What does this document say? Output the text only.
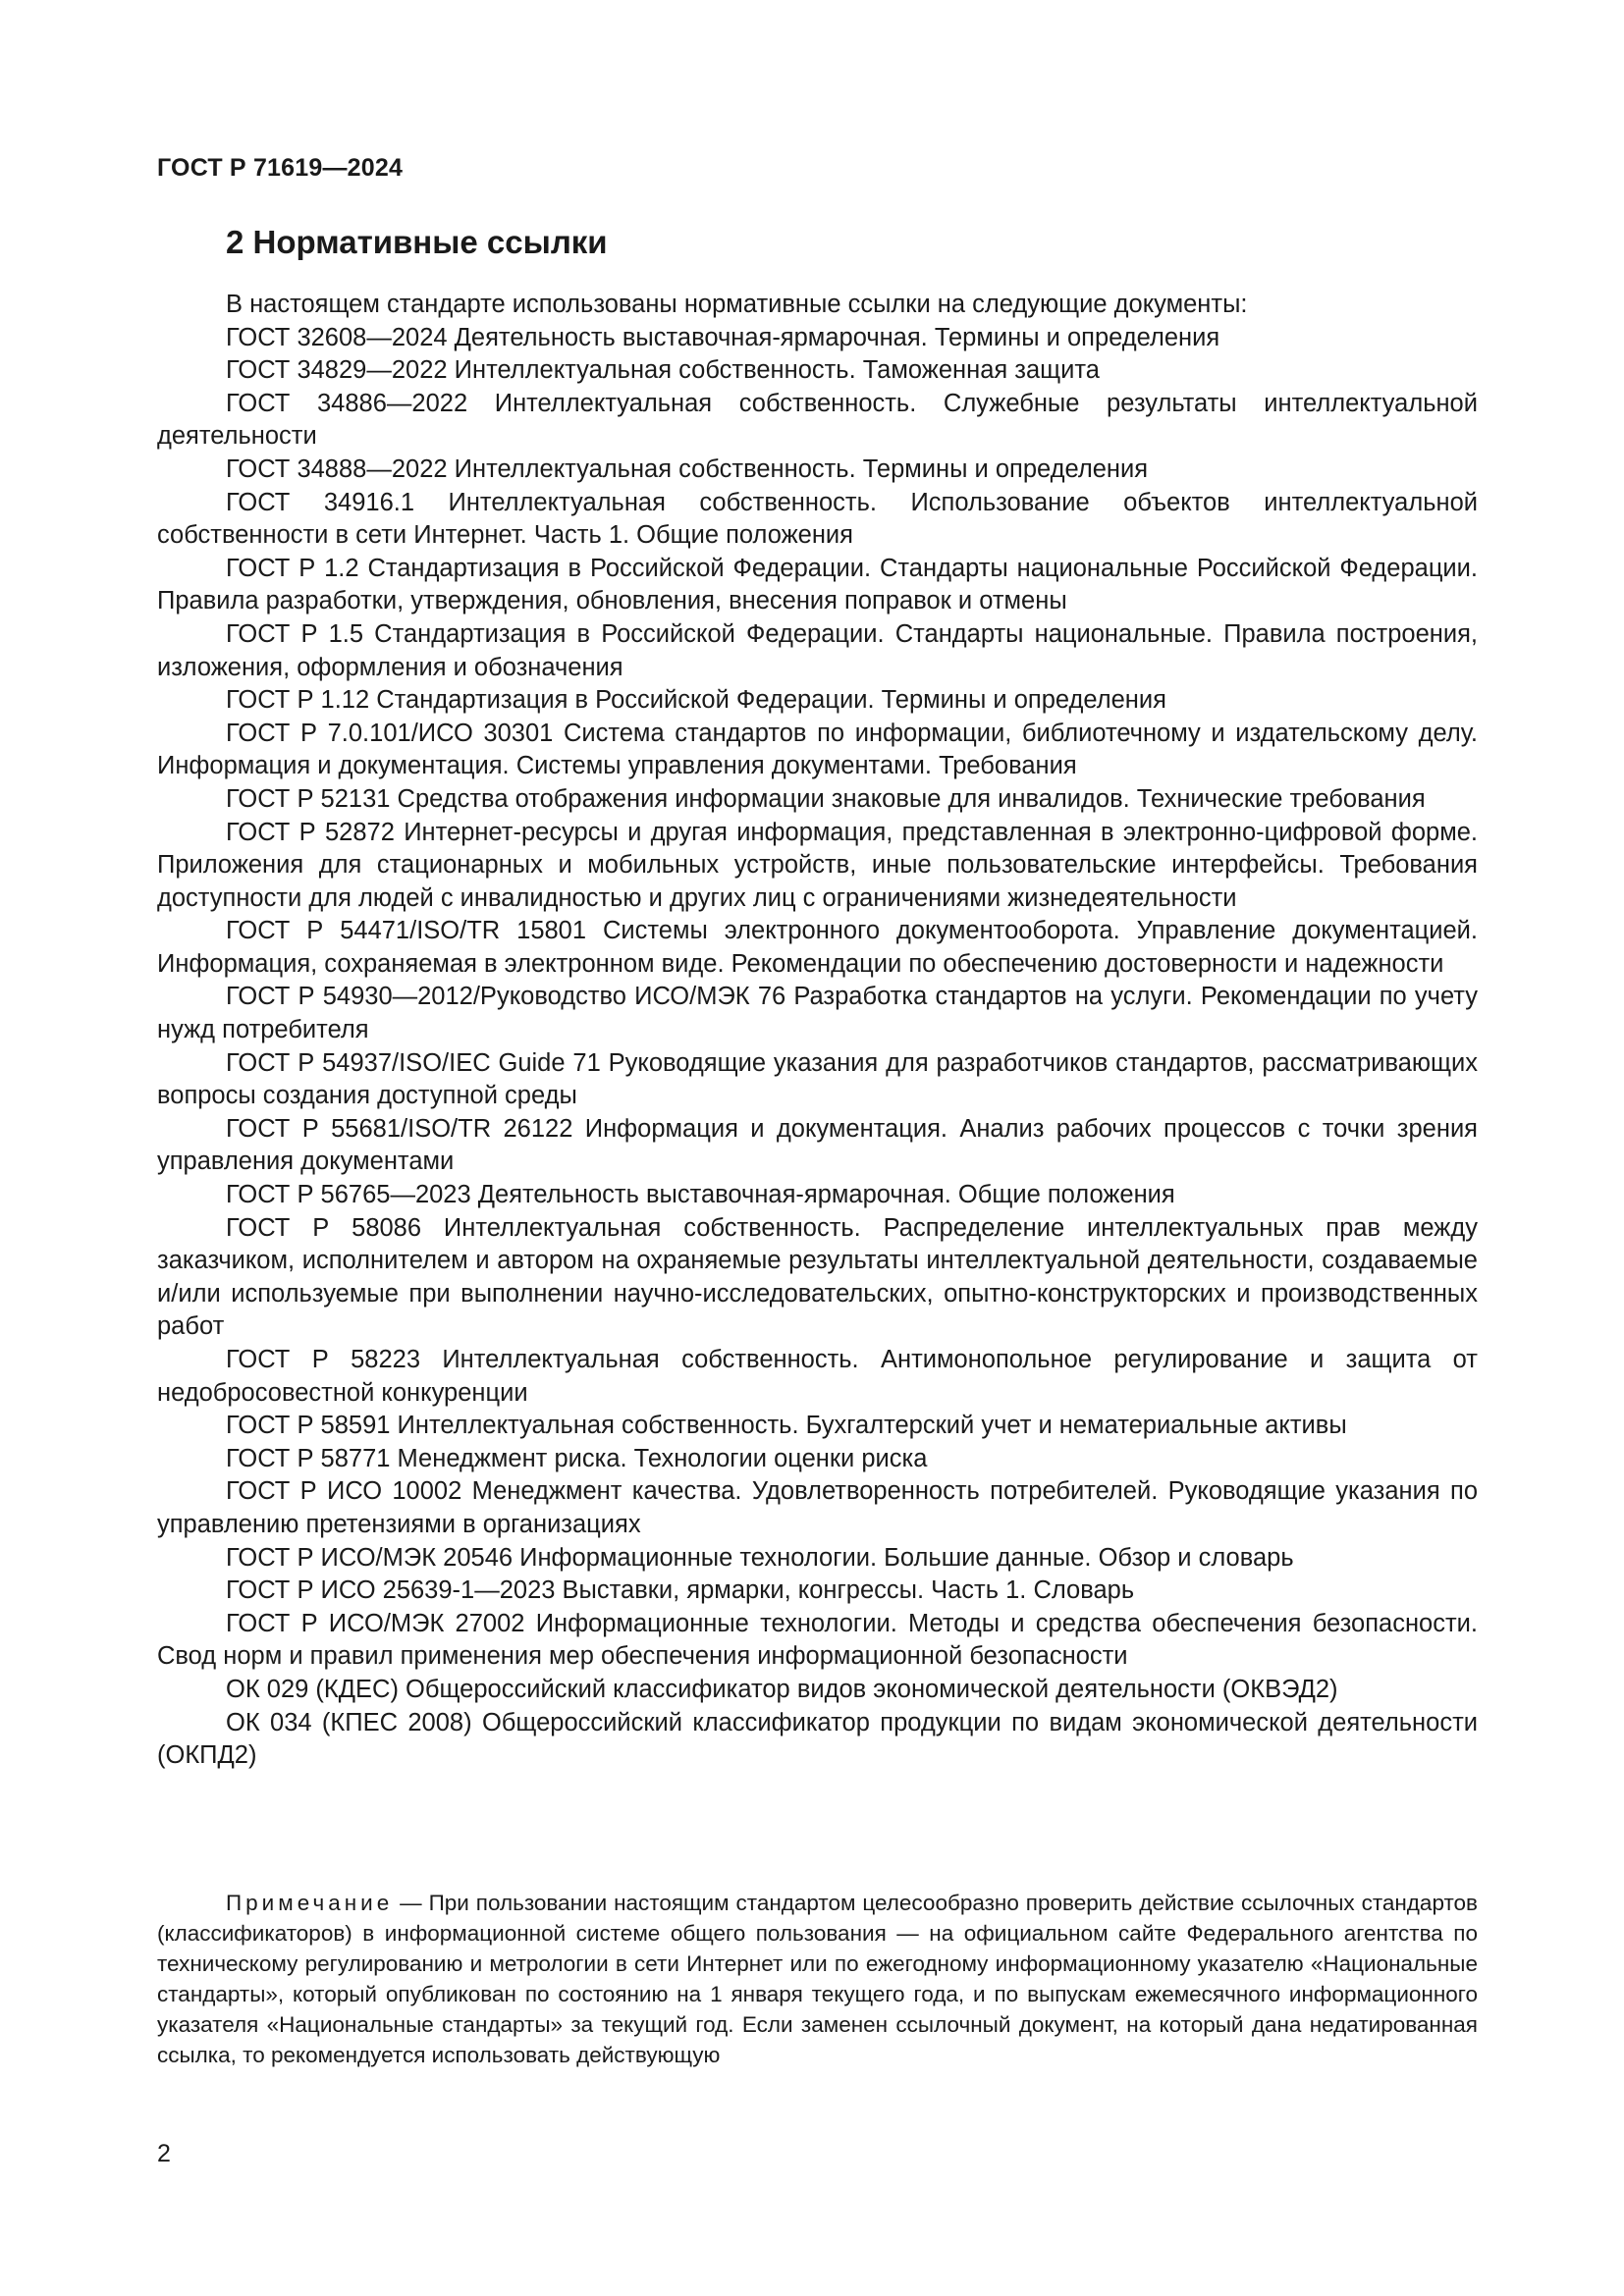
ГОСТ Р 71619—2024
2 Нормативные ссылки

В настоящем стандарте использованы нормативные ссылки на следующие документы:

ГОСТ 32608—2024 Деятельность выставочная-ярмарочная. Термины и определения

ГОСТ 34829—2022 Интеллектуальная собственность. Таможенная защита

ГОСТ 34886—2022 Интеллектуальная собственность. Служебные результаты интеллектуальной деятельности

ГОСТ 34888—2022 Интеллектуальная собственность. Термины и определения

ГОСТ 34916.1 Интеллектуальная собственность. Использование объектов интеллектуальной собственности в сети Интернет. Часть 1. Общие положения

ГОСТ Р 1.2 Стандартизация в Российской Федерации. Стандарты национальные Российской Федерации. Правила разработки, утверждения, обновления, внесения поправок и отмены

ГОСТ Р 1.5 Стандартизация в Российской Федерации. Стандарты национальные. Правила построения, изложения, оформления и обозначения

ГОСТ Р 1.12 Стандартизация в Российской Федерации. Термины и определения

ГОСТ Р 7.0.101/ИСО 30301 Система стандартов по информации, библиотечному и издательскому делу. Информация и документация. Системы управления документами. Требования

ГОСТ Р 52131 Средства отображения информации знаковые для инвалидов. Технические требования

ГОСТ Р 52872 Интернет-ресурсы и другая информация, представленная в электронно-цифровой форме. Приложения для стационарных и мобильных устройств, иные пользовательские интерфейсы. Требования доступности для людей с инвалидностью и других лиц с ограничениями жизнедеятельности

ГОСТ Р 54471/ISO/TR 15801 Системы электронного документооборота. Управление документацией. Информация, сохраняемая в электронном виде. Рекомендации по обеспечению достоверности и надежности

ГОСТ Р 54930—2012/Руководство ИСО/МЭК 76 Разработка стандартов на услуги. Рекомендации по учету нужд потребителя

ГОСТ Р 54937/ISO/IEC Guide 71 Руководящие указания для разработчиков стандартов, рассматривающих вопросы создания доступной среды

ГОСТ Р 55681/ISO/TR 26122 Информация и документация. Анализ рабочих процессов с точки зрения управления документами

ГОСТ Р 56765—2023 Деятельность выставочная-ярмарочная. Общие положения

ГОСТ Р 58086 Интеллектуальная собственность. Распределение интеллектуальных прав между заказчиком, исполнителем и автором на охраняемые результаты интеллектуальной деятельности, создаваемые и/или используемые при выполнении научно-исследовательских, опытно-конструкторских и производственных работ

ГОСТ Р 58223 Интеллектуальная собственность. Антимонопольное регулирование и защита от недобросовестной конкуренции

ГОСТ Р 58591 Интеллектуальная собственность. Бухгалтерский учет и нематериальные активы

ГОСТ Р 58771 Менеджмент риска. Технологии оценки риска

ГОСТ Р ИСО 10002 Менеджмент качества. Удовлетворенность потребителей. Руководящие указания по управлению претензиями в организациях

ГОСТ Р ИСО/МЭК 20546 Информационные технологии. Большие данные. Обзор и словарь

ГОСТ Р ИСО 25639-1—2023 Выставки, ярмарки, конгрессы. Часть 1. Словарь

ГОСТ Р ИСО/МЭК 27002 Информационные технологии. Методы и средства обеспечения безопасности. Свод норм и правил применения мер обеспечения информационной безопасности

ОК 029 (КДЕС) Общероссийский классификатор видов экономической деятельности (ОКВЭД2)

ОК 034 (КПЕС 2008) Общероссийский классификатор продукции по видам экономической деятельности (ОКПД2)

Примечание — При пользовании настоящим стандартом целесообразно проверить действие ссылочных стандартов (классификаторов) в информационной системе общего пользования — на официальном сайте Федерального агентства по техническому регулированию и метрологии в сети Интернет или по ежегодному информационному указателю «Национальные стандарты», который опубликован по состоянию на 1 января текущего года, и по выпускам ежемесячного информационного указателя «Национальные стандарты» за текущий год. Если заменен ссылочный документ, на который дана недатированная ссылка, то рекомендуется использовать действующую

2
